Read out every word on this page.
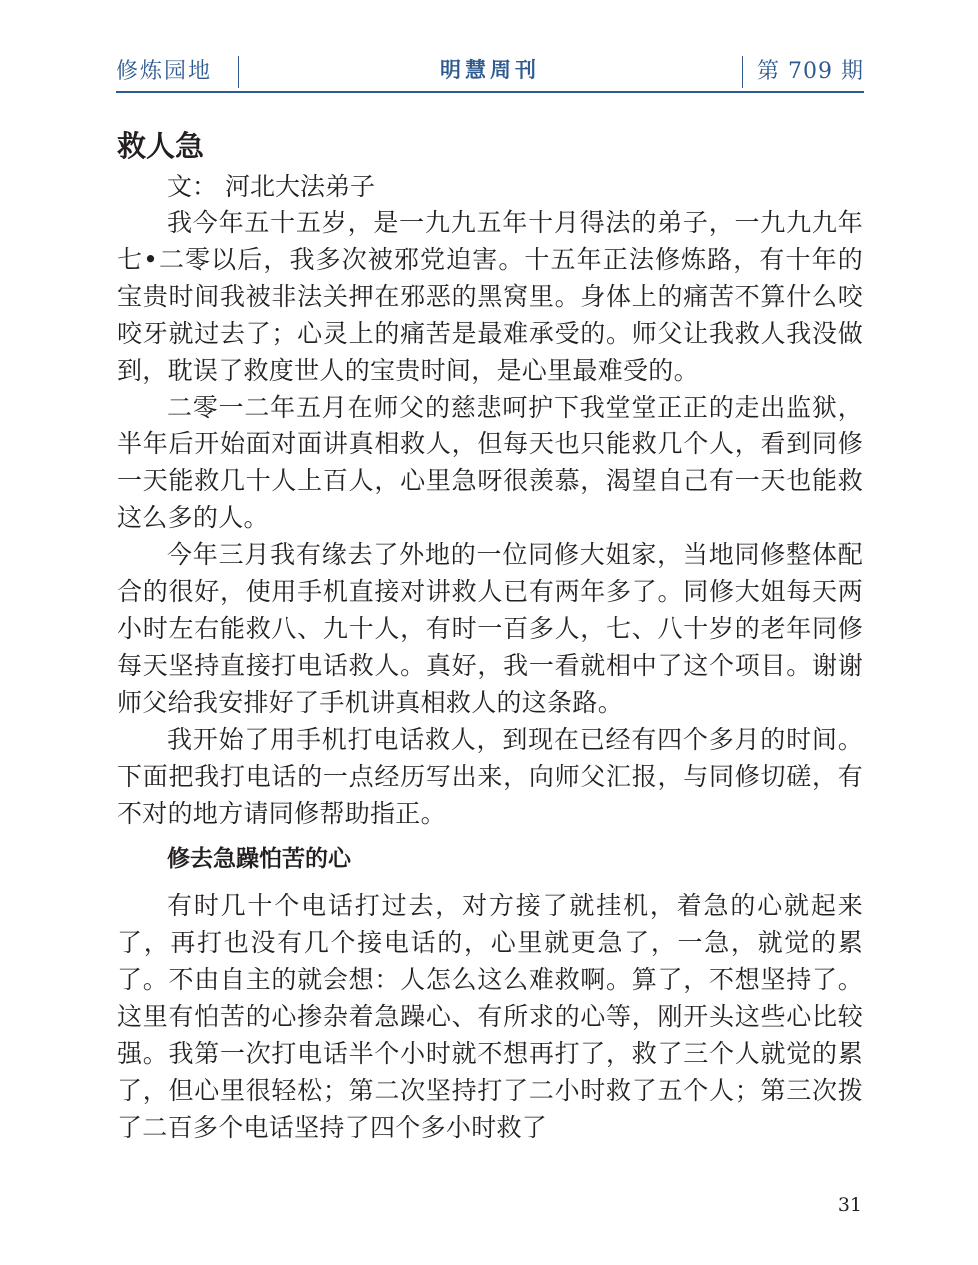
修炼园地	明慧周刊	第 709 期
救人急

文： 河北大法弟子

我今年五十五岁，是一九九五年十月得法的弟子，一九九九年七•二零以后，我多次被邪党迫害。十五年正法修炼路，有十年的宝贵时间我被非法关押在邪恶的黑窝里。身体上的痛苦不算什么咬咬牙就过去了；心灵上的痛苦是最难承受的。师父让我救人我没做到，耽误了救度世人的宝贵时间，是心里最难受的。

二零一二年五月在师父的慈悲呵护下我堂堂正正的走出监狱，半年后开始面对面讲真相救人，但每天也只能救几个人，看到同修一天能救几十人上百人，心里急呀很羡慕，渴望自己有一天也能救这么多的人。

今年三月我有缘去了外地的一位同修大姐家，当地同修整体配合的很好，使用手机直接对讲救人已有两年多了。同修大姐每天两小时左右能救八、九十人，有时一百多人，七、八十岁的老年同修每天坚持直接打电话救人。真好，我一看就相中了这个项目。谢谢师父给我安排好了手机讲真相救人的这条路。

我开始了用手机打电话救人，到现在已经有四个多月的时间。下面把我打电话的一点经历写出来，向师父汇报，与同修切磋，有不对的地方请同修帮助指正。

修去急躁怕苦的心

有时几十个电话打过去，对方接了就挂机，着急的心就起来了，再打也没有几个接电话的，心里就更急了，一急，就觉的累了。不由自主的就会想：人怎么这么难救啊。算了，不想坚持了。这里有怕苦的心掺杂着急躁心、有所求的心等，刚开头这些心比较强。我第一次打电话半个小时就不想再打了，救了三个人就觉的累了，但心里很轻松；第二次坚持打了二小时救了五个人；第三次拨了二百多个电话坚持了四个多小时救了

31
